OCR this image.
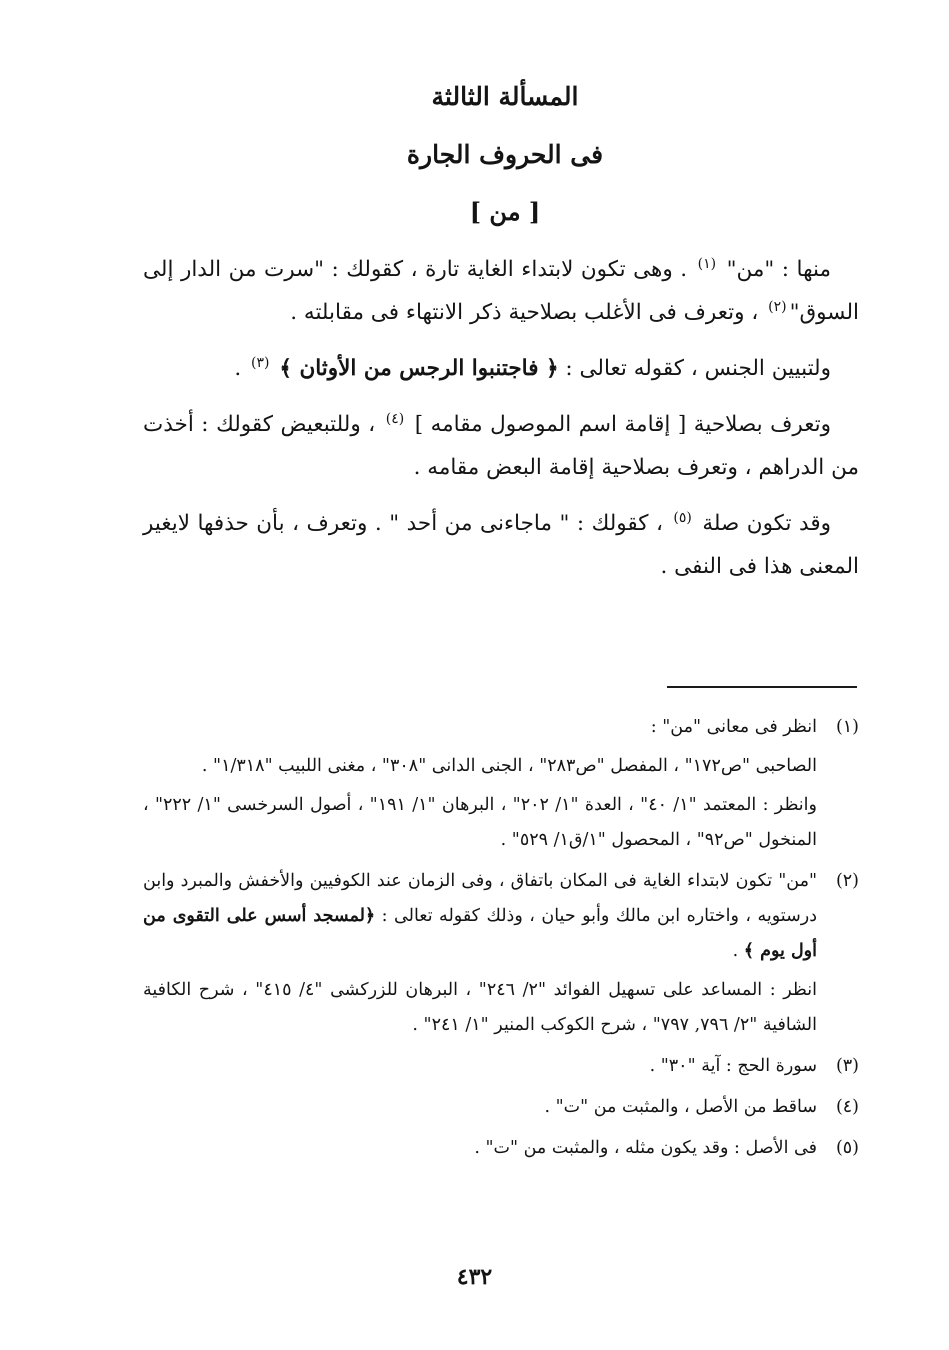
المسألة الثالثة
فى الحروف الجارة
[ من ]

منها : "من" $^{(١)}$ . وهى تكون لابتداء الغاية تارة ، كقولك : "سرت من الدار إلى السوق"$^{(٢)}$ ، وتعرف فى الأغلب بصلاحية ذكر الانتهاء فى مقابلته .

ولتبيين الجنس ، كقوله تعالى : ﴿ فاجتنبوا الرجس من الأوثان ﴾ $^{(٣)}$ .

وتعرف بصلاحية [ إقامة اسم الموصول مقامه ] $^{(٤)}$ ، وللتبعيض كقولك : أخذت من الدراهم ، وتعرف بصلاحية إقامة البعض مقامه .

وقد تكون صلة $^{(٥)}$ ، كقولك : " ماجاءنى من أحد " . وتعرف ، بأن حذفها لايغير المعنى هذا فى النفى .

(١)
انظر فى معانى "من" :
الصاحبى "ص١٧٢" ، المفصل "ص٢٨٣" ، الجنى الدانى "٣٠٨" ، مغنى اللبيب "١/٣١٨" .
وانظر : المعتمد "١/ ٤٠" ، العدة "١/ ٢٠٢" ، البرهان "١/ ١٩١" ، أصول السرخسى "١/ ٢٢٢" ، المنخول "ص٩٢" ، المحصول "١/ق١/ ٥٢٩" .
(٢)
"من" تكون لابتداء الغاية فى المكان باتفاق ، وفى الزمان عند الكوفيين والأخفش والمبرد وابن درستويه ، واختاره ابن مالك وأبو حيان ، وذلك كقوله تعالى : ﴿لمسجد أسس على التقوى من أول يوم ﴾ .
انظر : المساعد على تسهيل الفوائد "٢/ ٢٤٦" ، البرهان للزركشى "٤/ ٤١٥" ، شرح الكافية الشافية "٢/ ٧٩٦, ٧٩٧" ، شرح الكوكب المنير "١/ ٢٤١" .
(٣)
سورة الحج : آية "٣٠" .
(٤)
ساقط من الأصل ، والمثبت من "ت" .
(٥)
فى الأصل : وقد يكون مثله ، والمثبت من "ت" .
٤٣٢
